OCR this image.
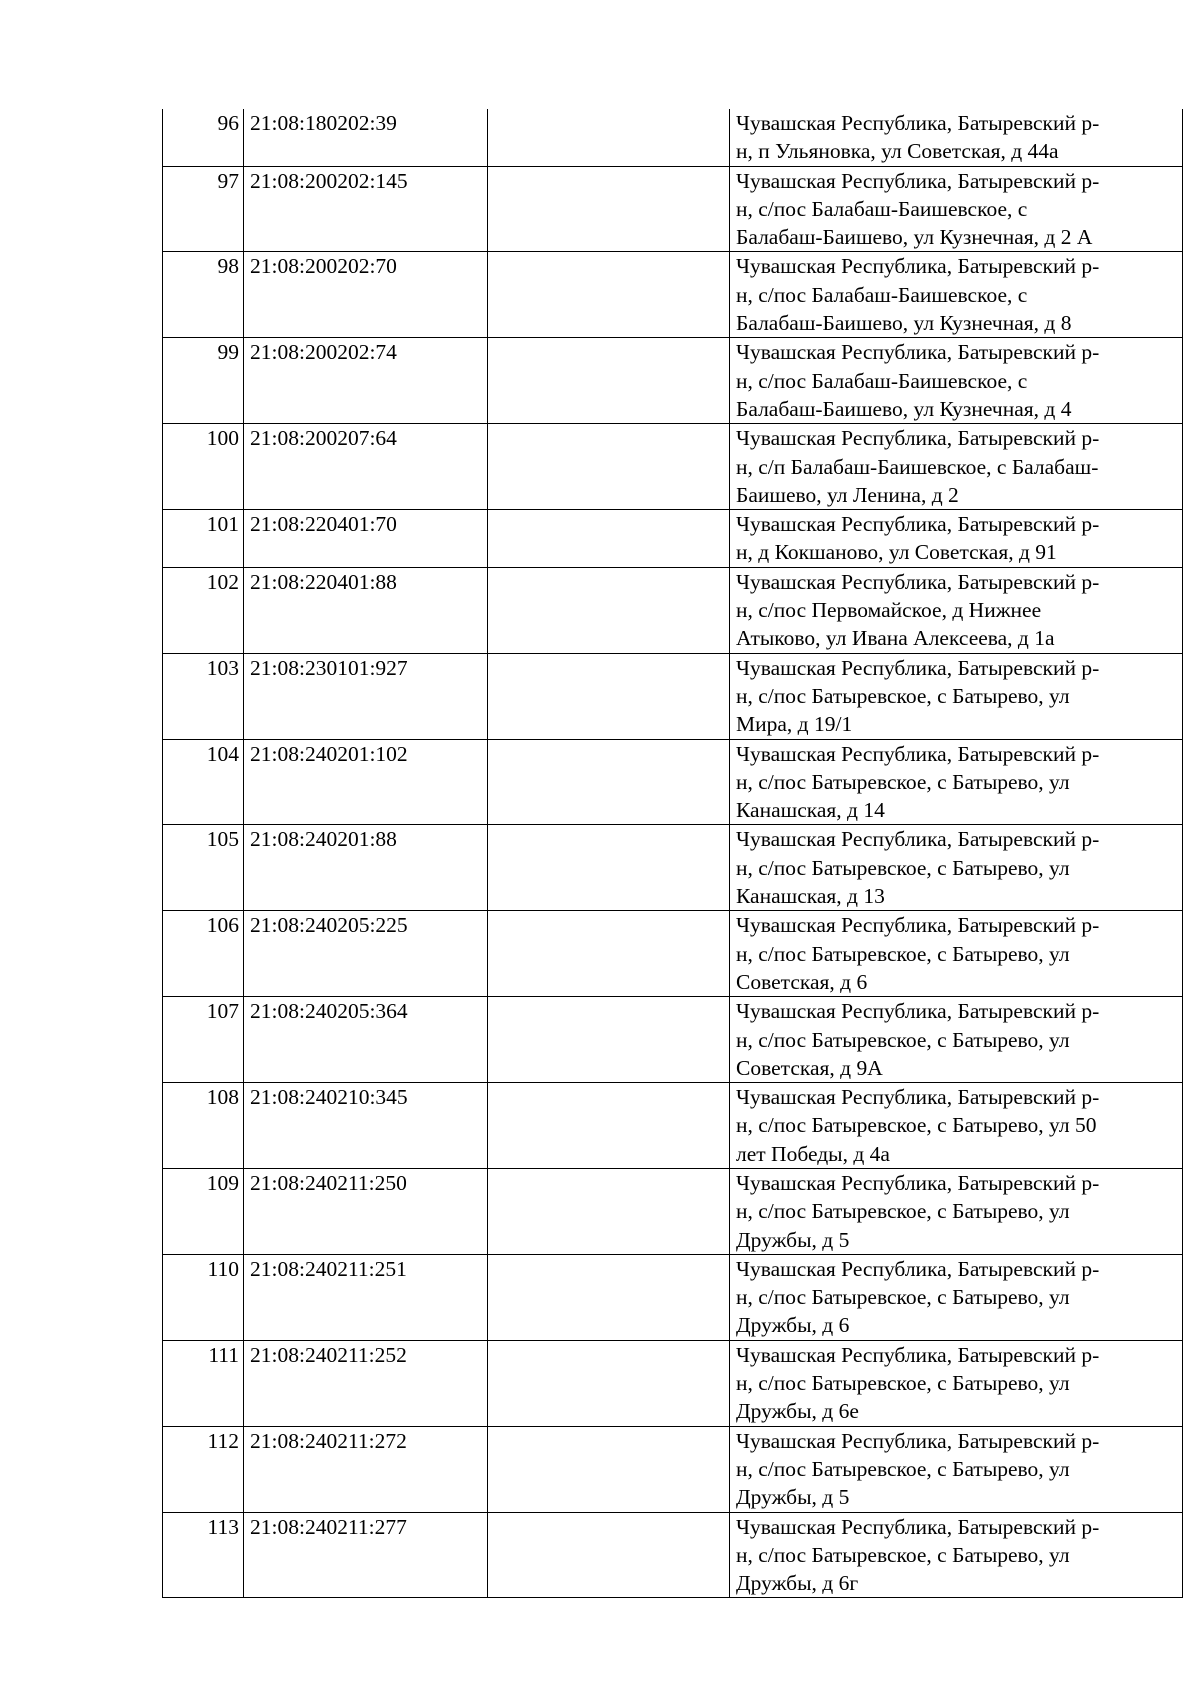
96	21:08:180202:39		Чувашская Республика, Батыревский р-
н, п Ульяновка, ул Советская, д 44а

97	21:08:200202:145		Чувашская Республика, Батыревский р-
н, с/пос Балабаш-Баишевское, с
Балабаш-Баишево, ул Кузнечная, д 2 А

98	21:08:200202:70		Чувашская Республика, Батыревский р-
н, с/пос Балабаш-Баишевское, с
Балабаш-Баишево, ул Кузнечная, д 8

99	21:08:200202:74		Чувашская Республика, Батыревский р-
н, с/пос Балабаш-Баишевское, с
Балабаш-Баишево, ул Кузнечная, д 4

100	21:08:200207:64		Чувашская Республика, Батыревский р-
н, с/п Балабаш-Баишевское, с Балабаш-
Баишево, ул Ленина, д 2

101	21:08:220401:70		Чувашская Республика, Батыревский р-
н, д Кокшаново, ул Советская, д 91

102	21:08:220401:88		Чувашская Республика, Батыревский р-
н, с/пос Первомайское, д Нижнее
Атыково, ул Ивана Алексеева, д 1а

103	21:08:230101:927		Чувашская Республика, Батыревский р-
н, с/пос Батыревское, с Батырево, ул
Мира, д 19/1

104	21:08:240201:102		Чувашская Республика, Батыревский р-
н, с/пос Батыревское, с Батырево, ул
Канашская, д 14

105	21:08:240201:88		Чувашская Республика, Батыревский р-
н, с/пос Батыревское, с Батырево, ул
Канашская, д 13

106	21:08:240205:225		Чувашская Республика, Батыревский р-
н, с/пос Батыревское, с Батырево, ул
Советская, д 6

107	21:08:240205:364		Чувашская Республика, Батыревский р-
н, с/пос Батыревское, с Батырево, ул
Советская, д 9А

108	21:08:240210:345		Чувашская Республика, Батыревский р-
н, с/пос Батыревское, с Батырево, ул 50
лет Победы, д 4а

109	21:08:240211:250		Чувашская Республика, Батыревский р-
н, с/пос Батыревское, с Батырево, ул
Дружбы, д 5

110	21:08:240211:251		Чувашская Республика, Батыревский р-
н, с/пос Батыревское, с Батырево, ул
Дружбы, д 6

111	21:08:240211:252		Чувашская Республика, Батыревский р-
н, с/пос Батыревское, с Батырево, ул
Дружбы, д 6е

112	21:08:240211:272		Чувашская Республика, Батыревский р-
н, с/пос Батыревское, с Батырево, ул
Дружбы, д 5

113	21:08:240211:277		Чувашская Республика, Батыревский р-
н, с/пос Батыревское, с Батырево, ул
Дружбы, д 6г
